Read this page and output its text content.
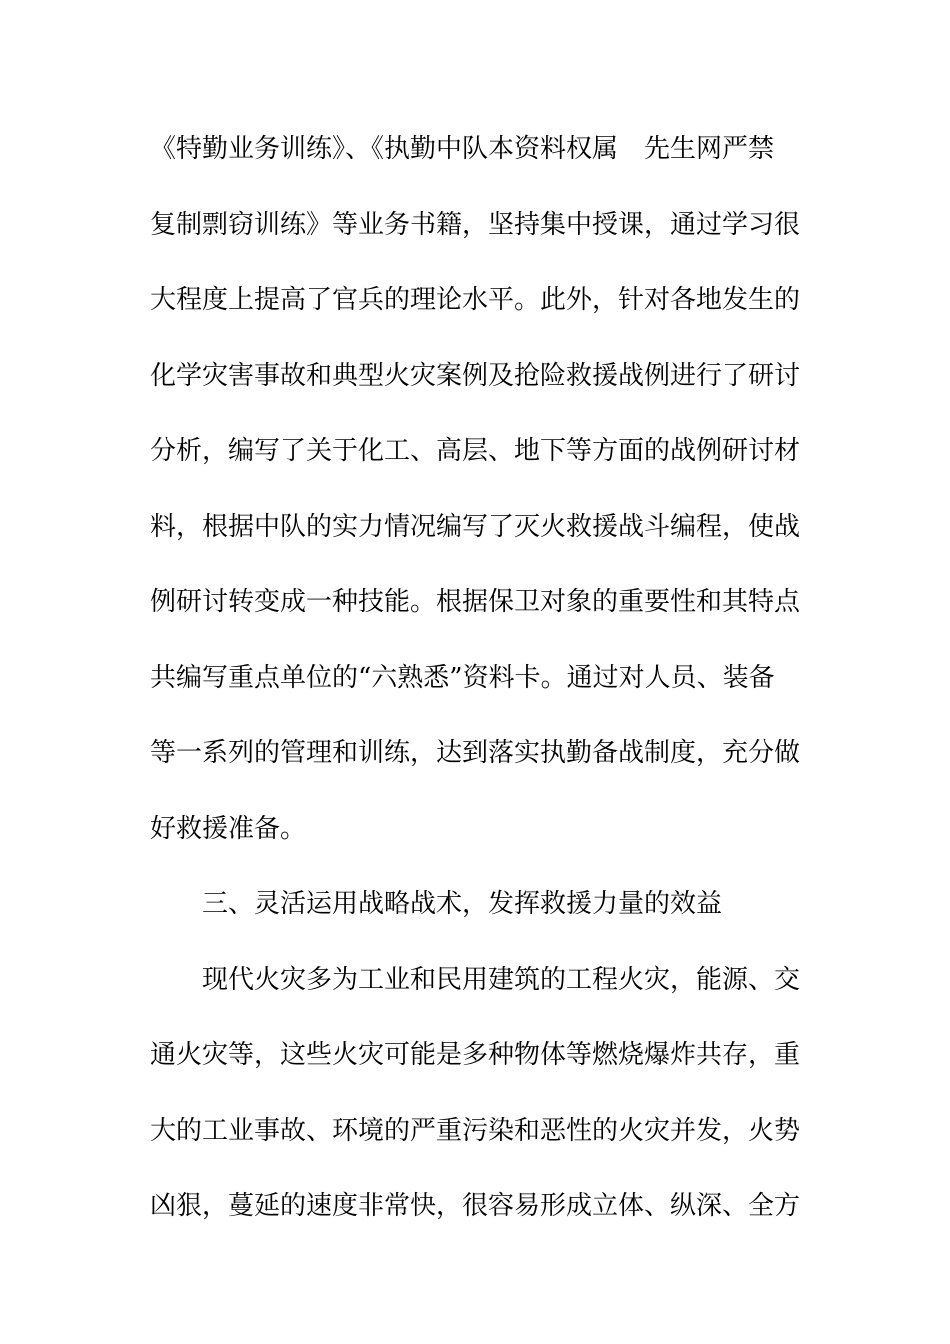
《特勤业务训练》、《执勤中队本资料权属　先生网严禁
复制剽窃训练》等业务书籍，坚持集中授课，通过学习很
大程度上提高了官兵的理论水平。此外，针对各地发生的
化学灾害事故和典型火灾案例及抢险救援战例进行了研讨
分析，编写了关于化工、高层、地下等方面的战例研讨材
料，根据中队的实力情况编写了灭火救援战斗编程，使战
例研讨转变成一种技能。根据保卫对象的重要性和其特点
共编写重点单位的“六熟悉”资料卡。通过对人员、装备
等一系列的管理和训练，达到落实执勤备战制度，充分做
好救援准备。
三、灵活运用战略战术，发挥救援力量的效益
现代火灾多为工业和民用建筑的工程火灾，能源、交
通火灾等，这些火灾可能是多种物体等燃烧爆炸共存，重
大的工业事故、环境的严重污染和恶性的火灾并发，火势
凶狠，蔓延的速度非常快，很容易形成立体、纵深、全方
